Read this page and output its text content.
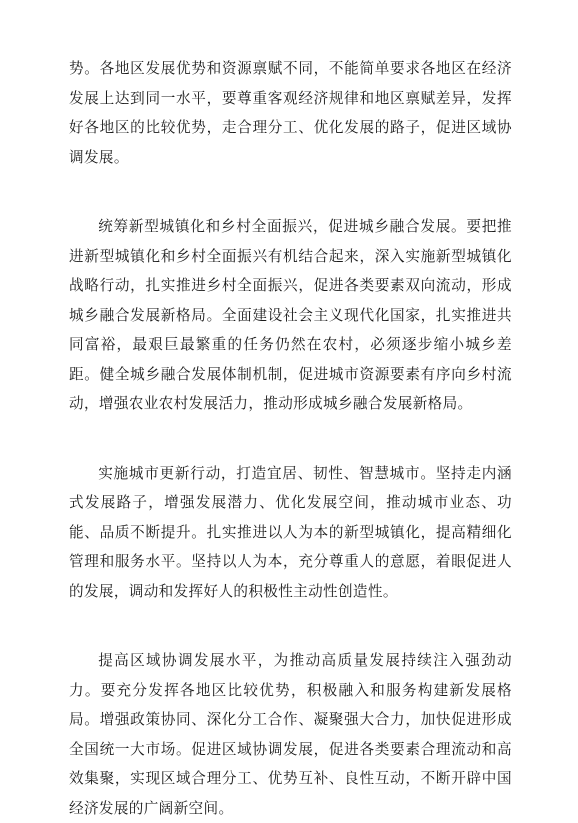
势。各地区发展优势和资源禀赋不同，不能简单要求各地区在经济发展上达到同一水平，要尊重客观经济规律和地区禀赋差异，发挥好各地区的比较优势，走合理分工、优化发展的路子，促进区域协调发展。

统筹新型城镇化和乡村全面振兴，促进城乡融合发展。要把推进新型城镇化和乡村全面振兴有机结合起来，深入实施新型城镇化战略行动，扎实推进乡村全面振兴，促进各类要素双向流动，形成城乡融合发展新格局。全面建设社会主义现代化国家，扎实推进共同富裕，最艰巨最繁重的任务仍然在农村，必须逐步缩小城乡差距。健全城乡融合发展体制机制，促进城市资源要素有序向乡村流动，增强农业农村发展活力，推动形成城乡融合发展新格局。

实施城市更新行动，打造宜居、韧性、智慧城市。坚持走内涵式发展路子，增强发展潜力、优化发展空间，推动城市业态、功能、品质不断提升。扎实推进以人为本的新型城镇化，提高精细化管理和服务水平。坚持以人为本，充分尊重人的意愿，着眼促进人的发展，调动和发挥好人的积极性主动性创造性。

提高区域协调发展水平，为推动高质量发展持续注入强劲动力。要充分发挥各地区比较优势，积极融入和服务构建新发展格局。增强政策协同、深化分工合作、凝聚强大合力，加快促进形成全国统一大市场。促进区域协调发展，促进各类要素合理流动和高效集聚，实现区域合理分工、优势互补、良性互动，不断开辟中国经济发展的广阔新空间。
